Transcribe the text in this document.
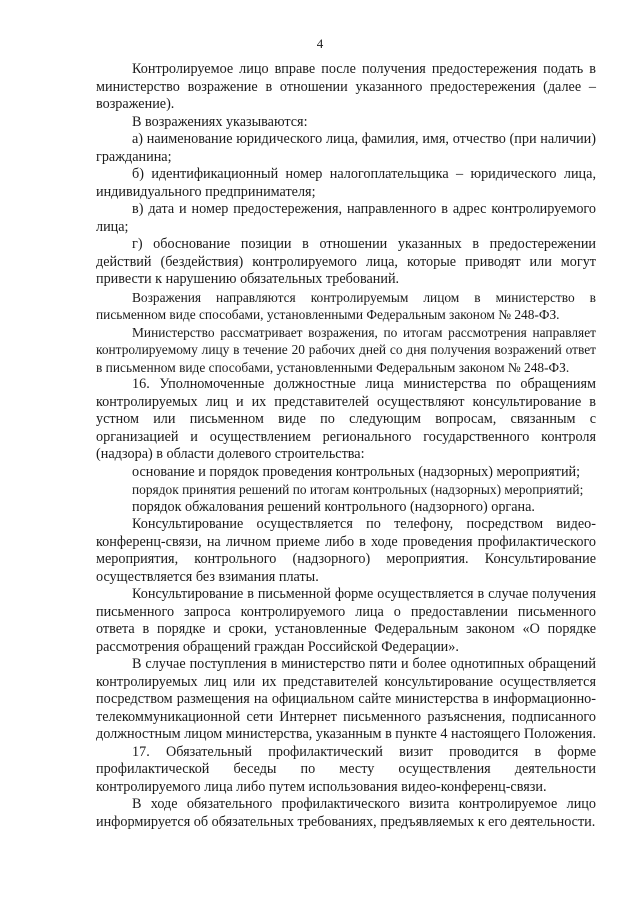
4

Контролируемое лицо вправе после получения предостережения подать в министерство возражение в отношении указанного предостережения (далее – возражение).

В возражениях указываются:

а) наименование юридического лица, фамилия, имя, отчество (при наличии) гражданина;

б) идентификационный номер налогоплательщика – юридического лица, индивидуального предпринимателя;

в) дата и номер предостережения, направленного в адрес контролируемого лица;

г) обоснование позиции в отношении указанных в предостережении действий (бездействия) контролируемого лица, которые приводят или могут привести к нарушению обязательных требований.

Возражения направляются контролируемым лицом в министерство в письменном виде способами, установленными Федеральным законом № 248-ФЗ.

Министерство рассматривает возражения, по итогам рассмотрения направляет контролируемому лицу в течение 20 рабочих дней со дня получения возражений ответ в письменном виде способами, установленными Федеральным законом № 248-ФЗ.

16. Уполномоченные должностные лица министерства по обращениям контролируемых лиц и их представителей осуществляют консультирование в устном или письменном виде по следующим вопросам, связанным с организацией и осуществлением регионального государственного контроля (надзора) в области долевого строительства:

основание и порядок проведения контрольных (надзорных) мероприятий;

порядок принятия решений по итогам контрольных (надзорных) мероприятий;

порядок обжалования решений контрольного (надзорного) органа.

Консультирование осуществляется по телефону, посредством видео-конференц-связи, на личном приеме либо в ходе проведения профилактического мероприятия, контрольного (надзорного) мероприятия. Консультирование осуществляется без взимания платы.

Консультирование в письменной форме осуществляется в случае получения письменного запроса контролируемого лица о предоставлении письменного ответа в порядке и сроки, установленные Федеральным законом «О порядке рассмотрения обращений граждан Российской Федерации».

В случае поступления в министерство пяти и более однотипных обращений контролируемых лиц или их представителей консультирование осуществляется посредством размещения на официальном сайте министерства в информационно-телекоммуникационной сети Интернет письменного разъяснения, подписанного должностным лицом министерства, указанным в пункте 4 настоящего Положения.

17. Обязательный профилактический визит проводится в форме профилактической беседы по месту осуществления деятельности контролируемого лица либо путем использования видео-конференц-связи.

В ходе обязательного профилактического визита контролируемое лицо информируется об обязательных требованиях, предъявляемых к его деятельности.
